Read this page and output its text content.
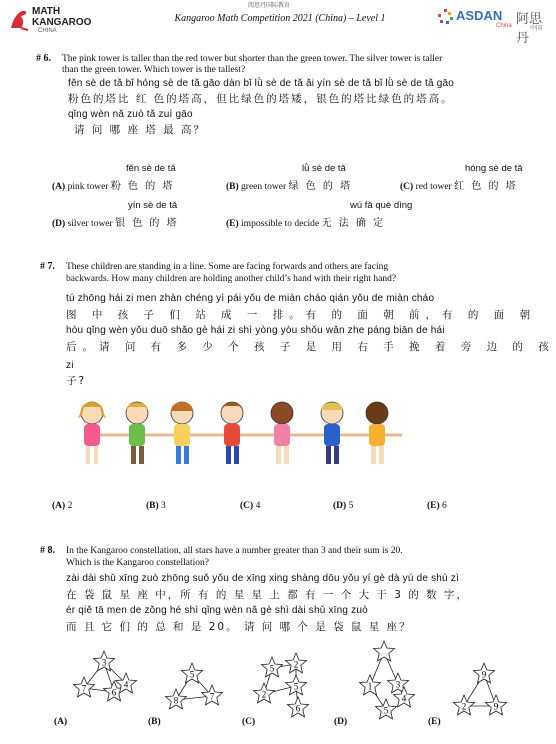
阅思丹国际教育
MATH
KANGAROO
CHINA
Kangaroo Math Competition 2021 (China) – Level 1	ASDAN 阿思丹
China	中国
# 6. The pink tower is taller than the red tower but shorter than the green tower. The silver tower is taller
than the green tower. Which tower is the tallest?
fěn sè de tǎ bǐ hóng sè de tǎ gāo dàn bǐ lǜ sè de tǎ ǎi yín sè de tǎ bǐ lǜ sè de tǎ gāo
粉色的塔比 红 色的塔高，但比绿色的塔矮，银色的塔比绿色的塔高。
qǐng wèn nǎ zuò tǎ zuì gāo
请 问 哪 座 塔 最 高？
fěn sè de tǎ
(A) pink tower 粉 色 的 塔
lǜ sè de tǎ
(B) green tower 绿 色 的 塔
hóng sè de tǎ
(C) red tower 红 色 的 塔
yín sè de tǎ
(D) silver tower 银 色 的 塔
wú fǎ què dìng
(E) impossible to decide 无 法 确 定
# 7. These children are standing in a line. Some are facing forwards and others are facing
backwards. How many children are holding another child’s hand with their right hand?
tú zhōng hái zi men zhàn chéng yì pái yǒu de miàn cháo qián yǒu de miàn cháo
图 中 孩 子 们 站 成 一 排。有 的 面 朝 前，有 的 面 朝
hòu qǐng wèn yǒu duō shǎo gè hái zi shì yòng yòu shǒu wǎn zhe páng biān de hái
后。请 问 有 多 少 个 孩 子 是 用 右 手 挽 着 旁 边 的 孩
zi
子?
(A) 2	(B) 3	(C) 4	(D) 5	(E) 6
# 8. In the Kangaroo constellation, all stars have a number greater than 3 and their sum is 20.
Which is the Kangaroo constellation?
zài dài shǔ xīng zuò zhōng suǒ yǒu de xīng xing shàng dōu yǒu yí gè dà yú de shù zì
在 袋 鼠 星 座 中，所 有 的 星 星 上 都 有 一 个 大 于 3 的 数 字，
ér qiě tā men de zǒng hé shì qǐng wèn nǎ gè shì dài shǔ xīng zuò
而 且 它 们 的 总 和 是 20。 请 问 哪 个 是 袋 鼠 星 座？
(A)
3
6
4
7
(B)
5
8	7
(C)
5 2
5
2
6
(D)
1	3
5
4
(E)
9
2	9
